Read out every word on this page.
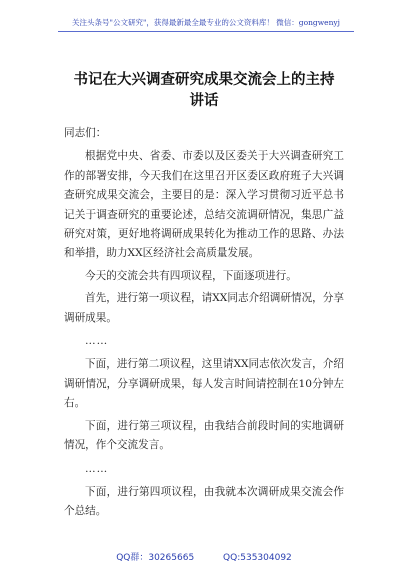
关注头条号"公文研究"，获得最新最全最专业的公文资料库！ 微信：gongwenyj
书记在大兴调查研究成果交流会上的主持
讲话

同志们：

根据党中央、省委、市委以及区委关于大兴调查研究工作的部署安排，今天我们在这里召开区委区政府班子大兴调查研究成果交流会，主要目的是：深入学习贯彻习近平总书记关于调查研究的重要论述，总结交流调研情况，集思广益研究对策，更好地将调研成果转化为推动工作的思路、办法和举措，助力XX区经济社会高质量发展。

今天的交流会共有四项议程，下面逐项进行。

首先，进行第一项议程，请XX同志介绍调研情况，分享调研成果。

……

下面，进行第二项议程，这里请XX同志依次发言，介绍调研情况，分享调研成果，每人发言时间请控制在10分钟左右。

下面，进行第三项议程，由我结合前段时间的实地调研情况，作个交流发言。

……

下面，进行第四项议程，由我就本次调研成果交流会作个总结。

QQ群：30265665	QQ:535304092
